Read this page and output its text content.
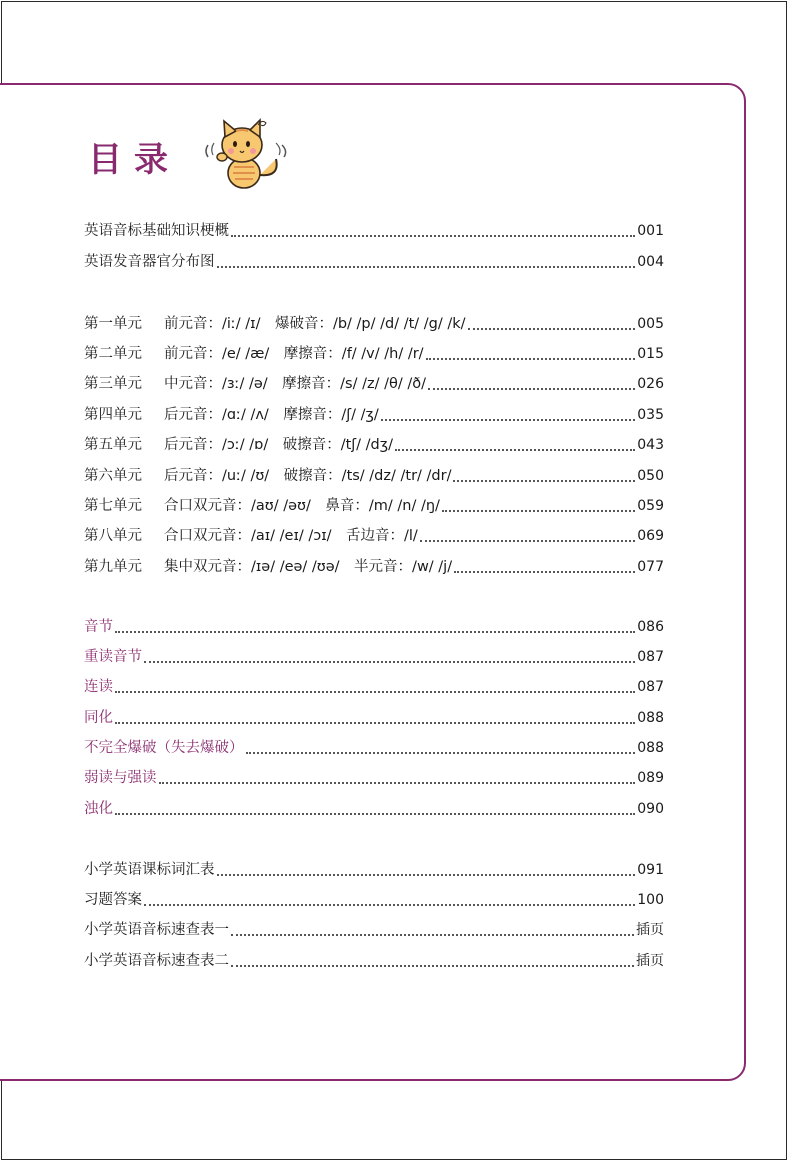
目录
英语音标基础知识梗概	001
英语发音器官分布图	004
第一单元	前元音：/iː/ /ɪ/　爆破音：/b/ /p/ /d/ /t/ /g/ /k/	005
第二单元	前元音：/e/ /æ/　摩擦音：/f/ /v/ /h/ /r/	015
第三单元	中元音：/ɜː/ /ə/　摩擦音：/s/ /z/ /θ/ /ð/	026
第四单元	后元音：/ɑː/ /ʌ/　摩擦音：/ʃ/ /ʒ/	035
第五单元	后元音：/ɔː/ /ɒ/　破擦音：/tʃ/ /dʒ/	043
第六单元	后元音：/uː/ /ʊ/　破擦音：/ts/ /dz/ /tr/ /dr/	050
第七单元	合口双元音：/aʊ/ /əʊ/　鼻音：/m/ /n/ /ŋ/	059
第八单元	合口双元音：/aɪ/ /eɪ/ /ɔɪ/　舌边音：/l/	069
第九单元	集中双元音：/ɪə/ /eə/ /ʊə/　半元音：/w/ /j/	077
音节	086
重读音节	087
连读	087
同化	088
不完全爆破（失去爆破）	088
弱读与强读	089
浊化	090
小学英语课标词汇表	091
习题答案	100
小学英语音标速查表一	插页
小学英语音标速查表二	插页
